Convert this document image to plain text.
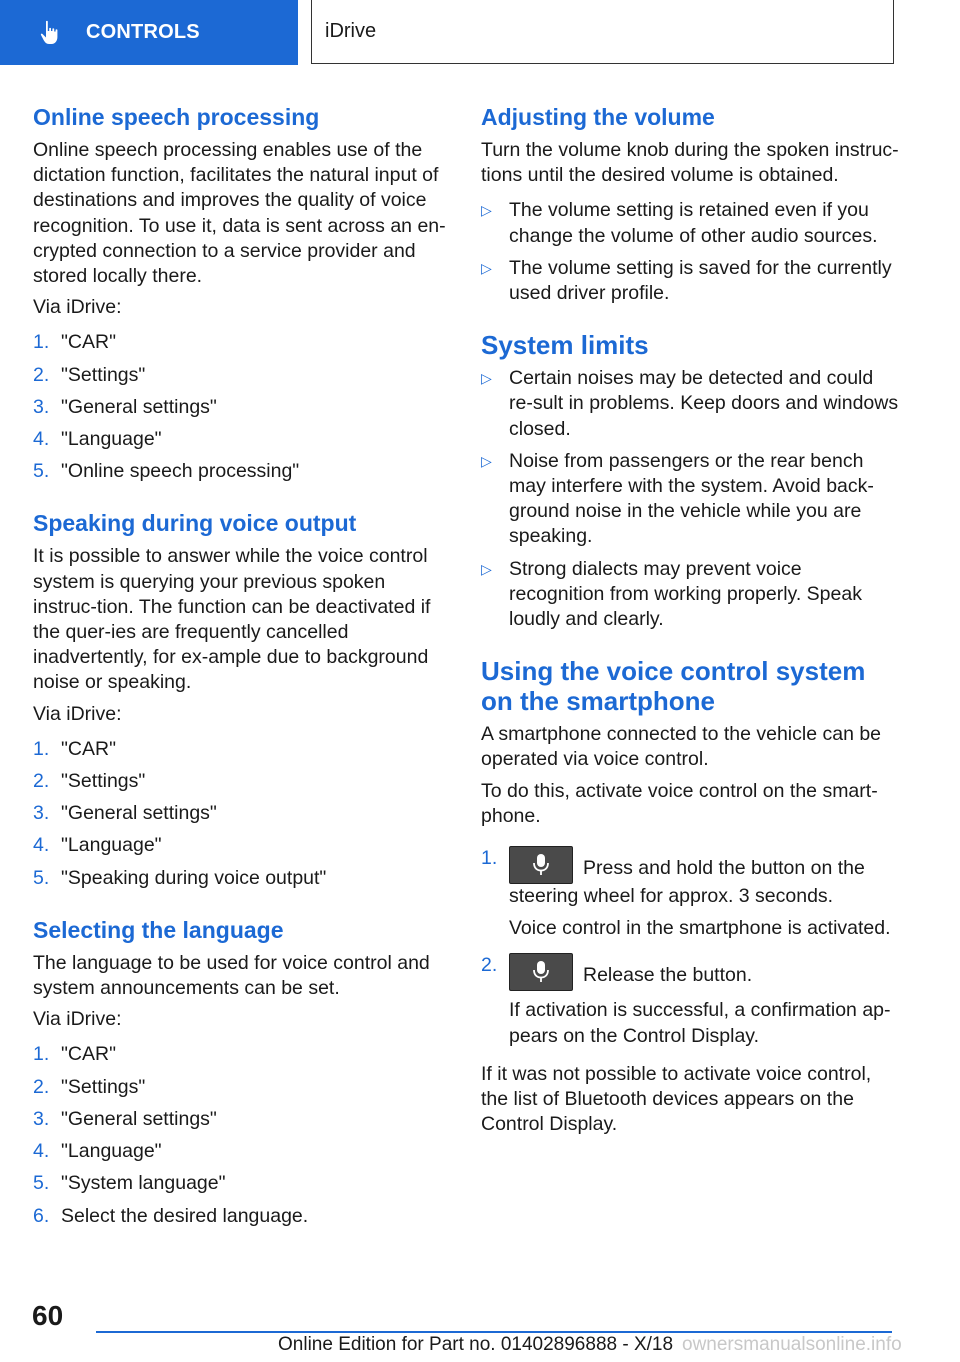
CONTROLS	iDrive
Online speech processing

Online speech processing enables use of the dictation function, facilitates the natural input of destinations and improves the quality of voice recognition. To use it, data is sent across an en-crypted connection to a service provider and stored locally there.

Via iDrive:

1. "CAR"
2. "Settings"
3. "General settings"
4. "Language"
5. "Online speech processing"
Speaking during voice output

It is possible to answer while the voice control system is querying your previous spoken instruc-tion. The function can be deactivated if the quer-ies are frequently cancelled inadvertently, for ex-ample due to background noise or speaking.

Via iDrive:

1. "CAR"
2. "Settings"
3. "General settings"
4. "Language"
5. "Speaking during voice output"
Selecting the language

The language to be used for voice control and system announcements can be set.

Via iDrive:

1. "CAR"
2. "Settings"
3. "General settings"
4. "Language"
5. "System language"
6. Select the desired language.
Adjusting the volume

Turn the volume knob during the spoken instruc-tions until the desired volume is obtained.

▷ The volume setting is retained even if you change the volume of other audio sources.
▷ The volume setting is saved for the currently used driver profile.
System limits
▷ Certain noises may be detected and could re-sult in problems. Keep doors and windows closed.
▷ Noise from passengers or the rear bench may interfere with the system. Avoid back-ground noise in the vehicle while you are speaking.
▷ Strong dialects may prevent voice recognition from working properly. Speak loudly and clearly.
Using the voice control system on the smartphone

A smartphone connected to the vehicle can be operated via voice control.

To do this, activate voice control on the smart-phone.

1.	Press and hold the button on the steering wheel for approx. 3 seconds.
Voice control in the smartphone is activated.
2.	Release the button.
If activation is successful, a confirmation ap-pears on the Control Display.

If it was not possible to activate voice control, the list of Bluetooth devices appears on the Control Display.

60
Online Edition for Part no. 01402896888 - X/18 ownersmanualsonline.info
